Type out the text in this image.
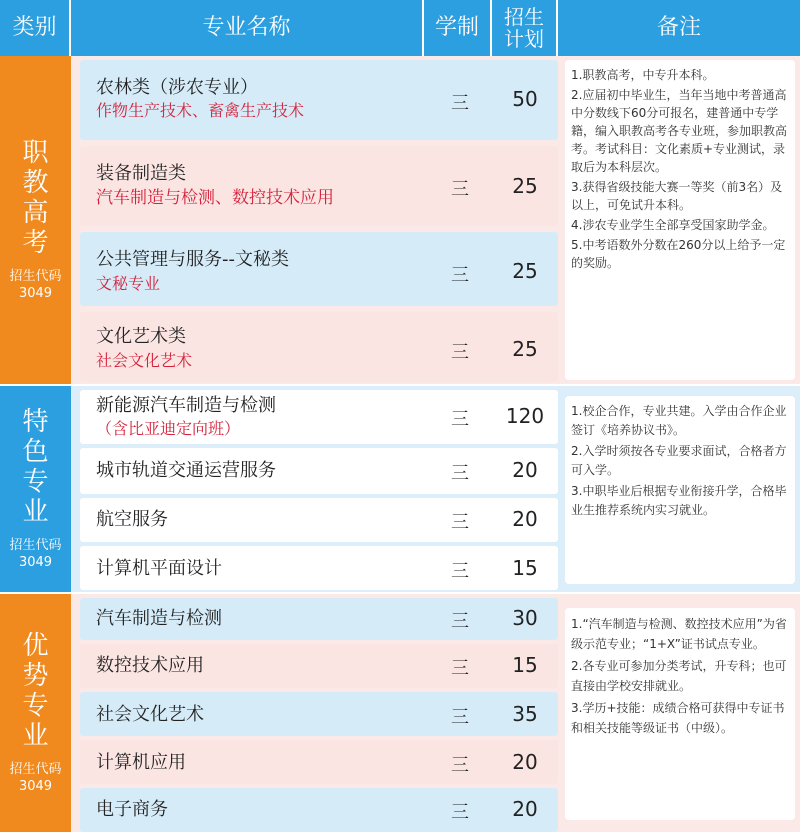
类别	专业名称	学制 招生计划	备注
职教高考
招生代码
3049
农林类（涉农专业）
作物生产技术、畜禽生产技术	三	50
装备制造类
汽车制造与检测、数控技术应用	三	25
公共管理与服务--文秘类
文秘专业	三	25
文化艺术类
社会文化艺术	三	25

1.职教高考，中专升本科。

2.应届初中毕业生，当年当地中考普通高中分数线下60分可报名，建普通中专学籍，编入职教高考各专业班，参加职教高考。考试科目：文化素质+专业测试，录取后为本科层次。

3.获得省级技能大赛一等奖（前3名）及以上，可免试升本科。

4.涉农专业学生全部享受国家助学金。

5.中考语数外分数在260分以上给予一定的奖励。

特色专业
招生代码
3049
新能源汽车制造与检测
（含比亚迪定向班）	三	120
城市轨道交通运营服务	三	20
航空服务	三	20
计算机平面设计	三	15

1.校企合作，专业共建。入学由合作企业签订《培养协议书》。

2.入学时须按各专业要求面试，合格者方可入学。

3.中职毕业后根据专业衔接升学，合格毕业生推荐系统内实习就业。

优势专业
招生代码
3049
汽车制造与检测	三	30
数控技术应用	三	15
社会文化艺术	三	35
计算机应用	三	20
电子商务	三	20

1.“汽车制造与检测、数控技术应用”为省级示范专业；“1+X”证书试点专业。

2.各专业可参加分类考试，升专科；也可直接由学校安排就业。

3.学历+技能：成绩合格可获得中专证书和相关技能等级证书（中级）。
